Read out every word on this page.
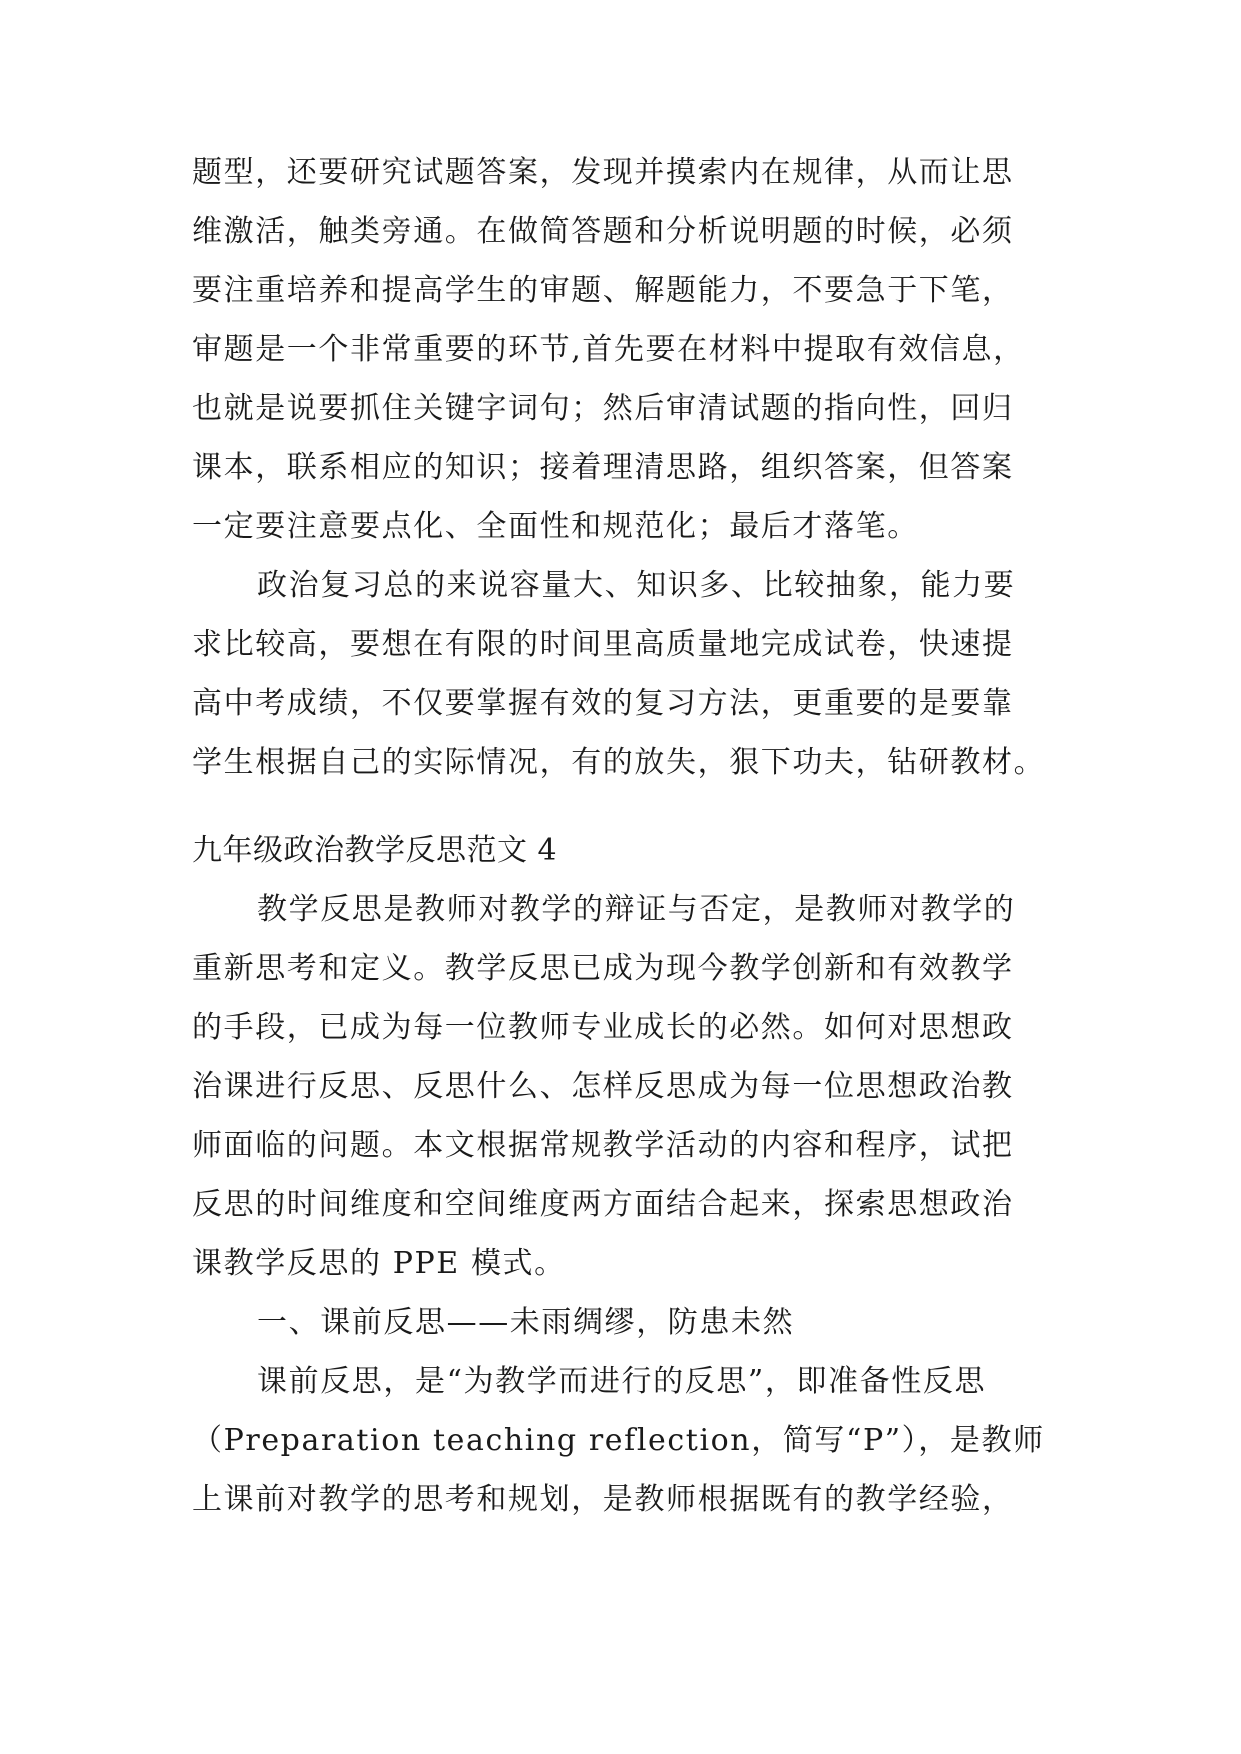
题型，还要研究试题答案，发现并摸索内在规律，从而让思
维激活，触类旁通。在做简答题和分析说明题的时候，必须
要注重培养和提高学生的审题、解题能力，不要急于下笔，
审题是一个非常重要的环节,首先要在材料中提取有效信息，
也就是说要抓住关键字词句；然后审清试题的指向性，回归
课本，联系相应的知识；接着理清思路，组织答案，但答案
一定要注意要点化、全面性和规范化；最后才落笔。
政治复习总的来说容量大、知识多、比较抽象，能力要
求比较高，要想在有限的时间里高质量地完成试卷，快速提
高中考成绩，不仅要掌握有效的复习方法，更重要的是要靠
学生根据自己的实际情况，有的放失，狠下功夫，钻研教材。
九年级政治教学反思范文 4
教学反思是教师对教学的辩证与否定，是教师对教学的
重新思考和定义。教学反思已成为现今教学创新和有效教学
的手段，已成为每一位教师专业成长的必然。如何对思想政
治课进行反思、反思什么、怎样反思成为每一位思想政治教
师面临的问题。本文根据常规教学活动的内容和程序，试把
反思的时间维度和空间维度两方面结合起来，探索思想政治
课教学反思的 PPE 模式。
一、课前反思——未雨绸缪，防患未然
课前反思，是“为教学而进行的反思”，即准备性反思
（Preparation teaching reflection，简写“P”），是教师
上课前对教学的思考和规划，是教师根据既有的教学经验，
